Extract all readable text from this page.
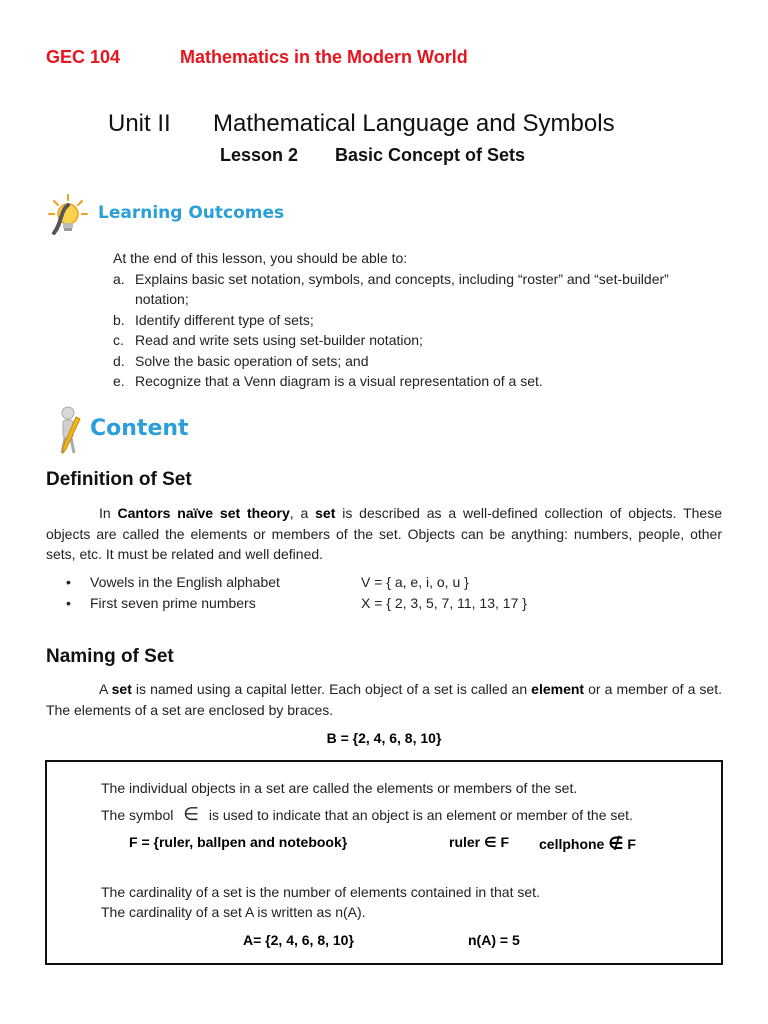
GEC 104	Mathematics in the Modern World
Unit II Mathematical Language and Symbols
Lesson 2 Basic Concept of Sets
Learning Outcomes
At the end of this lesson, you should be able to:
a. Explains basic set notation, symbols, and concepts, including “roster” and “set-builder” notation;
b. Identify different type of sets;
c. Read and write sets using set-builder notation;
d. Solve the basic operation of sets; and
e. Recognize that a Venn diagram is a visual representation of a set.
Content
Definition of Set
In Cantors naïve set theory, a set is described as a well-defined collection of objects. These objects are called the elements or members of the set. Objects can be anything: numbers, people, other sets, etc. It must be related and well defined.
• Vowels in the English alphabet	V = { a, e, i, o, u }
• First seven prime numbers	X = { 2, 3, 5, 7, 11, 13, 17 }
Naming of Set
A set is named using a capital letter. Each object of a set is called an element or a member of a set. The elements of a set are enclosed by braces.
B = {2, 4, 6, 8, 10}
The individual objects in a set are called the elements or members of the set.
The symbol ∈ is used to indicate that an object is an element or member of the set.
F = {ruler, ballpen and notebook}	ruler ∈ F cellphone ∉ F
The cardinality of a set is the number of elements contained in that set.
The cardinality of a set A is written as n(A).
A= {2, 4, 6, 8, 10}	n(A) = 5
